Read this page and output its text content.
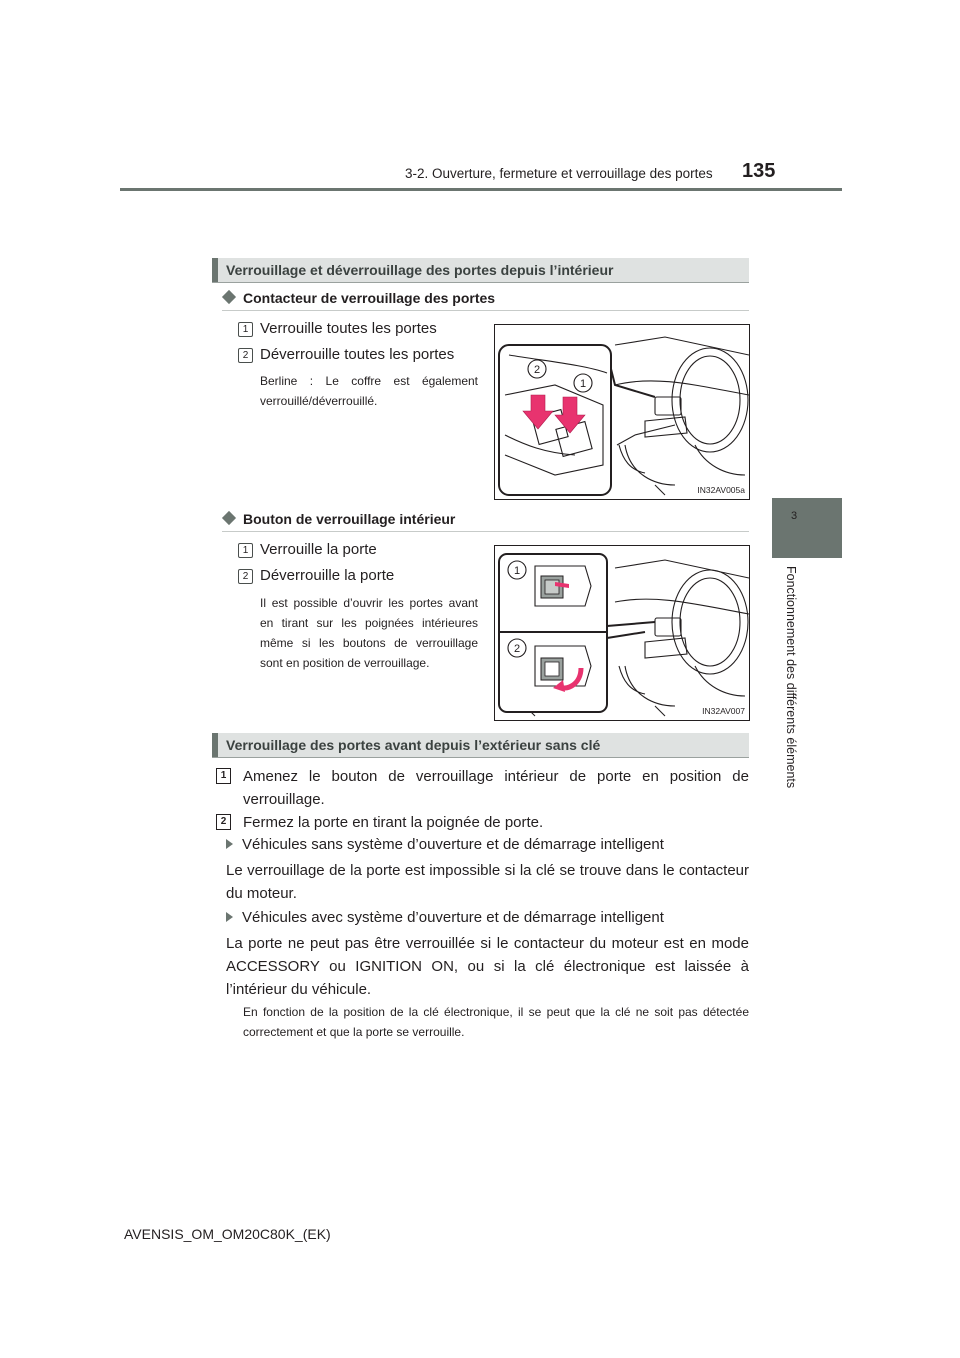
3-2. Ouverture, fermeture et verrouillage des portes 135
3
Fonctionnement des différents éléments
Verrouillage et déverrouillage des portes depuis l’intérieur
Contacteur de verrouillage des portes
1 Verrouille toutes les portes
2 Déverrouille toutes les portes
Berline : Le coffre est également verrouillé/déverrouillé.
2
1
IN32AV005a
Bouton de verrouillage intérieur
1 Verrouille la porte
2 Déverrouille la porte
Il est possible d’ouvrir les portes avant en tirant sur les poignées intérieures même si les boutons de verrouillage sont en position de verrouillage.
1
2
IN32AV007
Verrouillage des portes avant depuis l’extérieur sans clé
1	Amenez le bouton de verrouillage intérieur de porte en position de verrouillage.
2	Fermez la porte en tirant la poignée de porte.
Véhicules sans système d’ouverture et de démarrage intelligent
Le verrouillage de la porte est impossible si la clé se trouve dans le contacteur du moteur.
Véhicules avec système d’ouverture et de démarrage intelligent
La porte ne peut pas être verrouillée si le contacteur du moteur est en mode ACCESSORY ou IGNITION ON, ou si la clé électronique est laissée à l’intérieur du véhicule.
En fonction de la position de la clé électronique, il se peut que la clé ne soit pas détectée correctement et que la porte se verrouille.
AVENSIS_OM_OM20C80K_(EK)
